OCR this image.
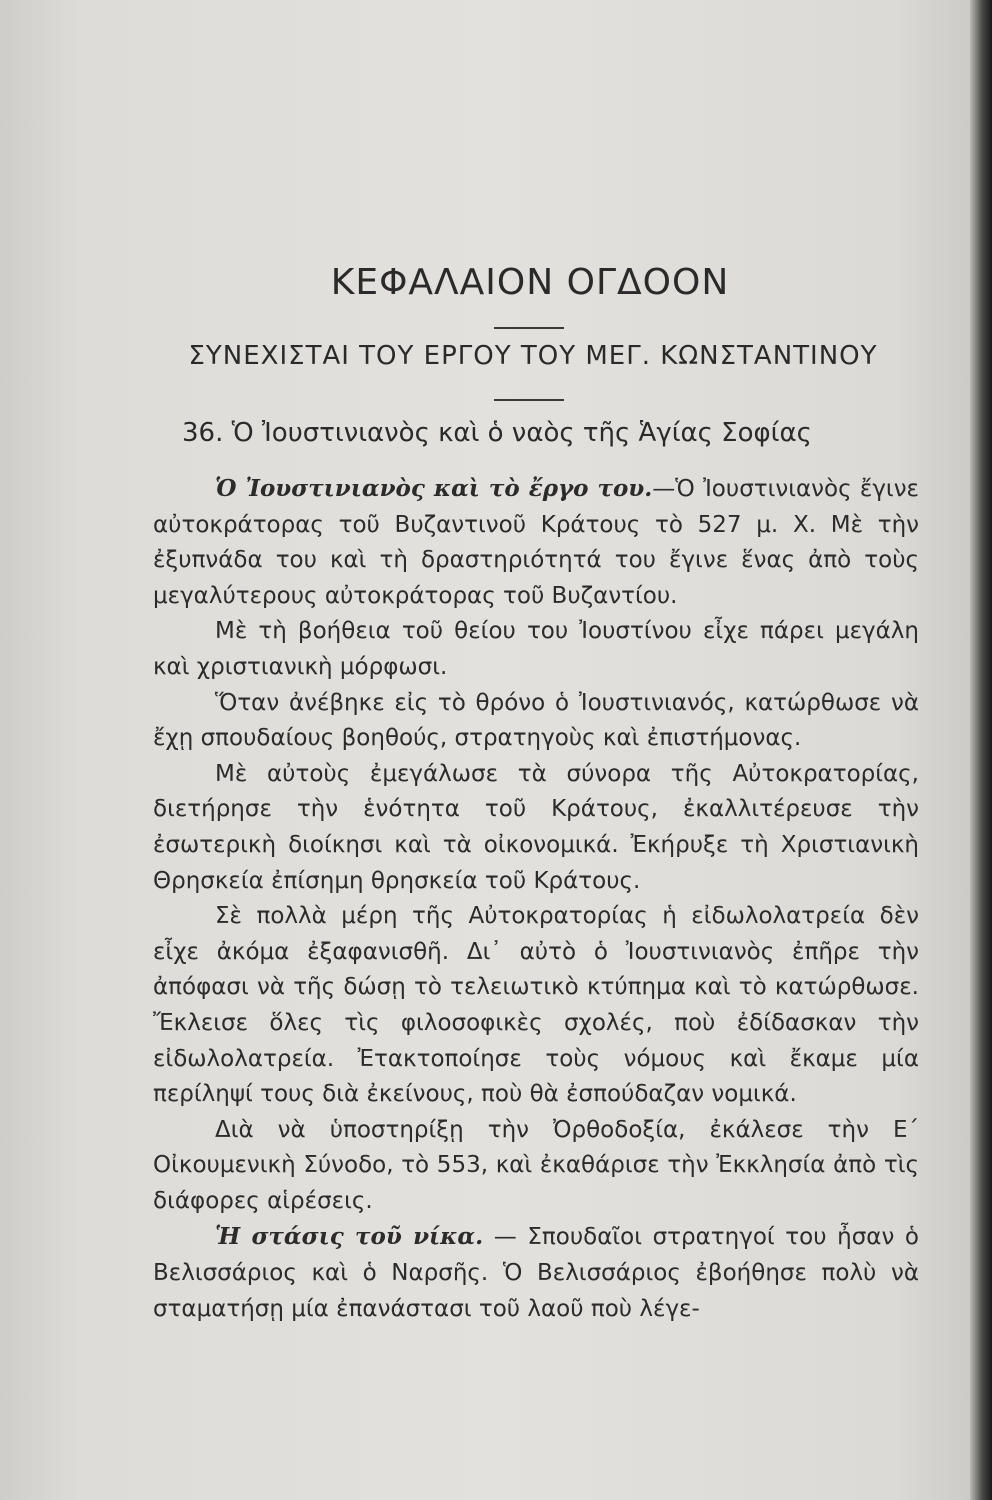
ΚΕΦΑΛΑΙΟΝ ΟΓΔΟΟΝ
ΣΥΝΕΧΙΣΤΑΙ ΤΟΥ ΕΡΓΟΥ ΤΟΥ ΜΕΓ. ΚΩΝΣΤΑΝΤΙΝΟΥ
36. Ὁ Ἰουστινιανὸς καὶ ὁ ναὸς τῆς Ἁγίας Σοφίας

Ὁ Ἰουστινιανὸς καὶ τὸ ἔργο του.—Ὁ Ἰουστινιανὸς ἔγινε αὐτοκράτορας τοῦ Βυζαντινοῦ Κράτους τὸ 527 μ. Χ. Μὲ τὴν ἐξυπνάδα του καὶ τὴ δραστηριότητά του ἔγινε ἕνας ἀπὸ τοὺς μεγαλύτερους αὐτοκράτορας τοῦ Βυζαντίου.

Μὲ τὴ βοήθεια τοῦ θείου του Ἰουστίνου εἶχε πάρει μεγάλη καὶ χριστιανικὴ μόρφωσι.

Ὅταν ἀνέβηκε εἰς τὸ θρόνο ὁ Ἰουστινιανός, κατώρθωσε νὰ ἔχῃ σπουδαίους βοηθούς, στρατηγοὺς καὶ ἐπιστήμονας.

Μὲ αὐτοὺς ἐμεγάλωσε τὰ σύνορα τῆς Αὐτοκρατορίας, διετήρησε τὴν ἑνότητα τοῦ Κράτους, ἐκαλλιτέρευσε τὴν ἐσωτερικὴ διοίκησι καὶ τὰ οἰκονομικά. Ἐκήρυξε τὴ Χριστιανικὴ Θρησκεία ἐπίσημη θρησκεία τοῦ Κράτους.

Σὲ πολλὰ μέρη τῆς Αὐτοκρατορίας ἡ εἰδωλολατρεία δὲν εἶχε ἀκόμα ἐξαφανισθῆ. Δι᾽ αὐτὸ ὁ Ἰουστινιανὸς ἐπῆρε τὴν ἀπόφασι νὰ τῆς δώσῃ τὸ τελειωτικὸ κτύπημα καὶ τὸ κατώρθωσε. Ἔκλεισε ὅλες τὶς φιλοσοφικὲς σχολές, ποὺ ἐδίδασκαν τὴν εἰδωλολατρεία. Ἐτακτοποίησε τοὺς νόμους καὶ ἔκαμε μία περίληψί τους διὰ ἐκείνους, ποὺ θὰ ἐσπούδαζαν νομικά.

Διὰ νὰ ὑποστηρίξῃ τὴν Ὀρθοδοξία, ἐκάλεσε τὴν Ε΄ Οἰκουμενικὴ Σύνοδο, τὸ 553, καὶ ἐκαθάρισε τὴν Ἐκκλησία ἀπὸ τὶς διάφορες αἱρέσεις.

Ἡ στάσις τοῦ νίκα. — Σπουδαῖοι στρατηγοί του ἦσαν ὁ Βελισσάριος καὶ ὁ Ναρσῆς. Ὁ Βελισσάριος ἐβοήθησε πολὺ νὰ σταματήσῃ μία ἐπανάστασι τοῦ λαοῦ ποὺ λέγε-
